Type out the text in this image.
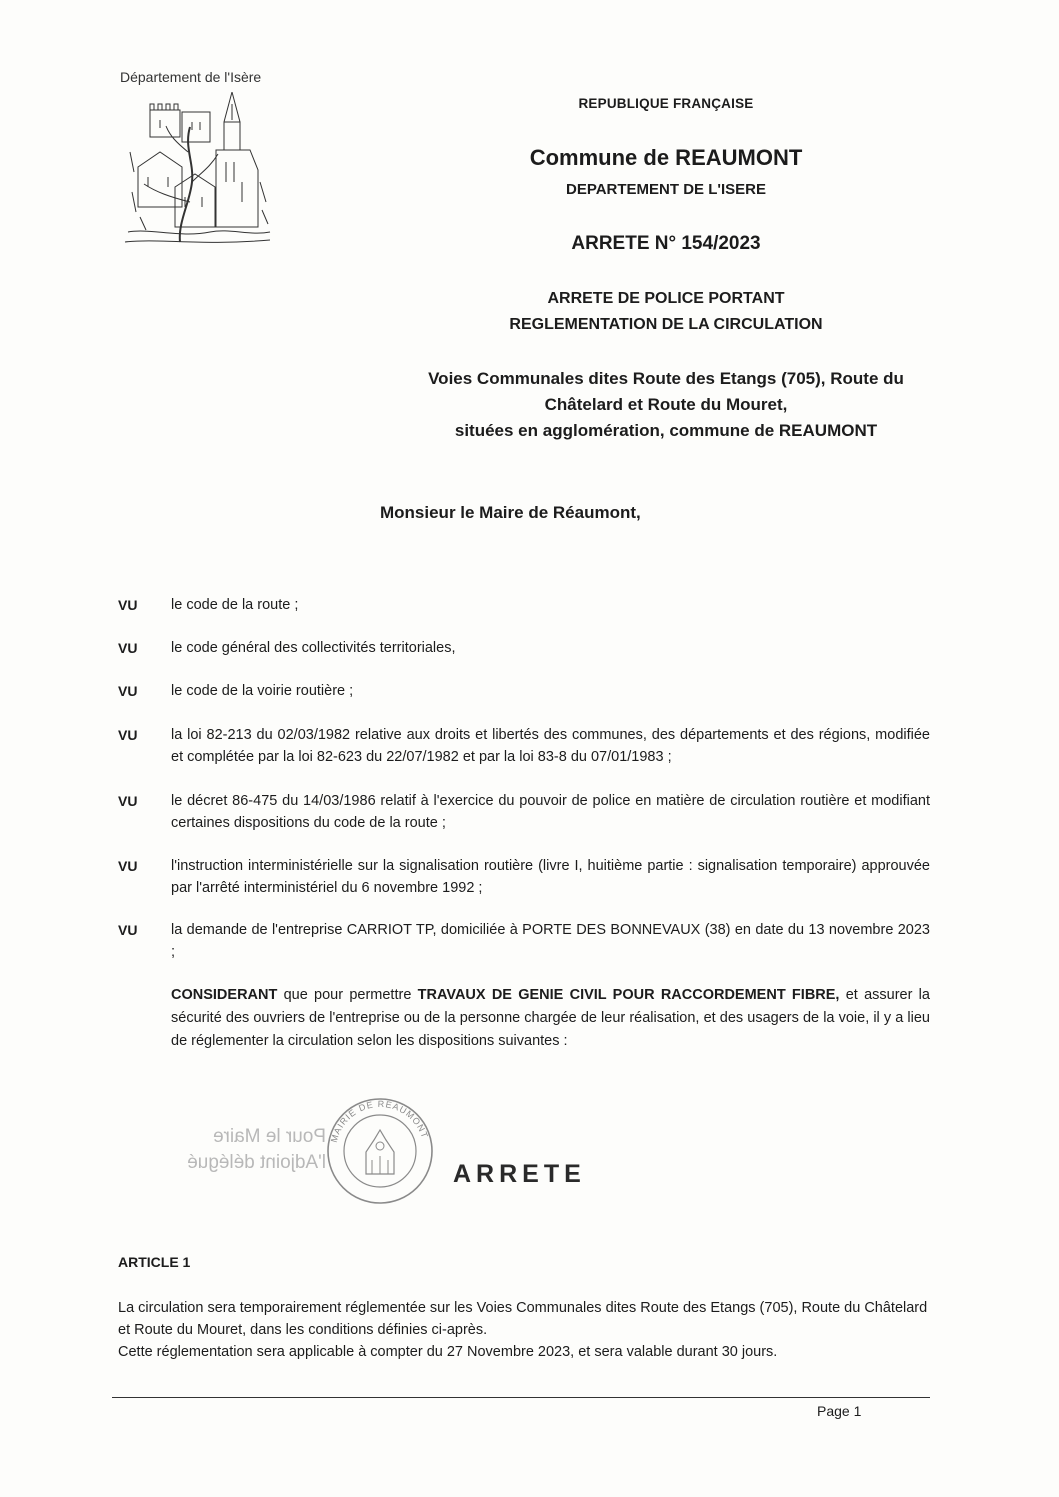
Département de l'Isère
REPUBLIQUE FRANÇAISE
Commune de REAUMONT
DEPARTEMENT DE L'ISERE
ARRETE N° 154/2023
ARRETE DE POLICE PORTANT
REGLEMENTATION DE LA CIRCULATION
Voies Communales dites Route des Etangs (705), Route du
Châtelard et Route du Mouret,
situées en agglomération, commune de REAUMONT
Monsieur le Maire de Réaumont,
VU le code de la route ;
VU le code général des collectivités territoriales,
VU le code de la voirie routière ;
VU la loi 82-213 du 02/03/1982 relative aux droits et libertés des communes, des départements et des régions, modifiée et complétée par la loi 82-623 du 22/07/1982 et par la loi 83-8 du 07/01/1983 ;
VU le décret 86-475 du 14/03/1986 relatif à l'exercice du pouvoir de police en matière de circulation routière et modifiant certaines dispositions du code de la route ;
VU l'instruction interministérielle sur la signalisation routière (livre I, huitième partie : signalisation temporaire) approuvée par l'arrêté interministériel du 6 novembre 1992 ;
VU la demande de l'entreprise CARRIOT TP, domiciliée à PORTE DES BONNEVAUX (38) en date du 13 novembre 2023 ;
CONSIDERANT que pour permettre TRAVAUX DE GENIE CIVIL POUR RACCORDEMENT FIBRE, et assurer la sécurité des ouvriers de l'entreprise ou de la personne chargée de leur réalisation, et des usagers de la voie, il y a lieu de réglementer la circulation selon les dispositions suivantes :
Pour le Maire
l'Adjoint délégué
MAIRIE DE REAUMONT
ARRETE
ARTICLE 1
La circulation sera temporairement réglementée sur les Voies Communales dites Route des Etangs (705), Route du Châtelard et Route du Mouret, dans les conditions définies ci-après.
Cette réglementation sera applicable à compter du 27 Novembre 2023, et sera valable durant 30 jours.
Page 1
